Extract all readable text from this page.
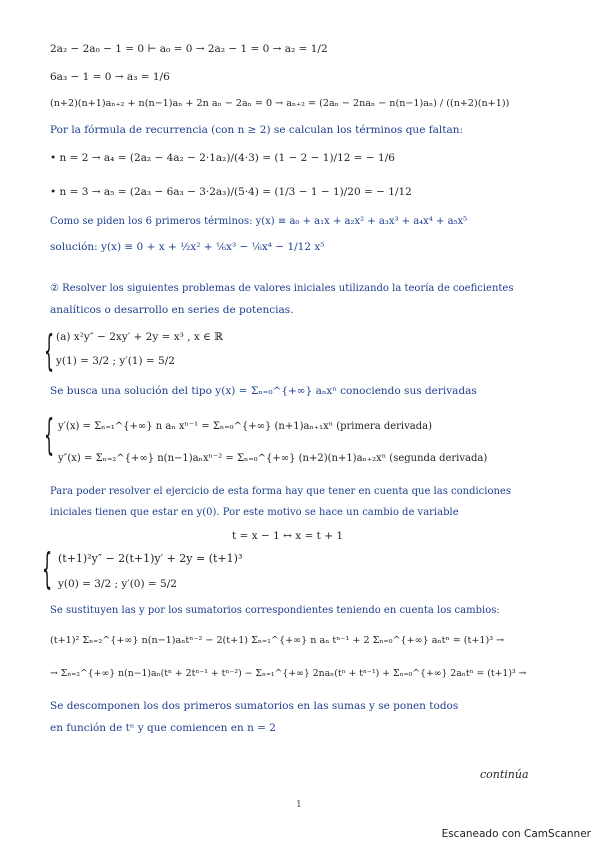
{
{
{
2a₂ − 2a₀ − 1 = 0 ⊢ a₀ = 0 → 2a₂ − 1 = 0 → a₂ = 1/2
6a₃ − 1 = 0 → a₃ = 1/6
(n+2)(n+1)aₙ₊₂ + n(n−1)aₙ + 2n aₙ − 2aₙ = 0 → aₙ₊₂ = (2aₙ − 2naₙ − n(n−1)aₙ) / ((n+2)(n+1))
Por la fórmula de recurrencia (con n ≥ 2) se calculan los términos que faltan:
• n = 2 → a₄ = (2a₂ − 4a₂ − 2·1a₂)/(4·3) = (1 − 2 − 1)/12 = − 1/6
• n = 3 → a₅ = (2a₃ − 6a₃ − 3·2a₃)/(5·4) = (1/3 − 1 − 1)/20 = − 1/12
Como se piden los 6 primeros términos: y(x) ≡ a₀ + a₁x + a₂x² + a₃x³ + a₄x⁴ + a₅x⁵
solución: y(x) ≡ 0 + x + ½x² + ⅙x³ − ⅙x⁴ − 1/12 x⁵
② Resolver los siguientes problemas de valores iniciales utilizando la teoría de coeficientes
analíticos o desarrollo en series de potencias.
(a) x²y″ − 2xy′ + 2y = x³ , x ∈ ℝ
y(1) = 3/2 ; y′(1) = 5/2
Se busca una solución del tipo y(x) = Σₙ₌₀^{+∞} aₙxⁿ conociendo sus derivadas
y′(x) = Σₙ₌₁^{+∞} n aₙ xⁿ⁻¹ = Σₙ₌₀^{+∞} (n+1)aₙ₊₁xⁿ (primera derivada)
y″(x) = Σₙ₌₂^{+∞} n(n−1)aₙxⁿ⁻² = Σₙ₌₀^{+∞} (n+2)(n+1)aₙ₊₂xⁿ (segunda derivada)
Para poder resolver el ejercicio de esta forma hay que tener en cuenta que las condiciones
iniciales tienen que estar en y(0). Por este motivo se hace un cambio de variable
t = x − 1 ↔ x = t + 1
(t+1)²y″ − 2(t+1)y′ + 2y = (t+1)³
y(0) = 3/2 ; y′(0) = 5/2
Se sustituyen las y por los sumatorios correspondientes teniendo en cuenta los cambios:
(t+1)² Σₙ₌₂^{+∞} n(n−1)aₙtⁿ⁻² − 2(t+1) Σₙ₌₁^{+∞} n aₙ tⁿ⁻¹ + 2 Σₙ₌₀^{+∞} aₙtⁿ = (t+1)³ →
→ Σₙ₌₂^{+∞} n(n−1)aₙ(tⁿ + 2tⁿ⁻¹ + tⁿ⁻²) − Σₙ₌₁^{+∞} 2naₙ(tⁿ + tⁿ⁻¹) + Σₙ₌₀^{+∞} 2aₙtⁿ = (t+1)³ →
Se descomponen los dos primeros sumatorios en las sumas y se ponen todos
en función de tⁿ y que comiencen en n = 2
continúa
1
Escaneado con CamScanner
